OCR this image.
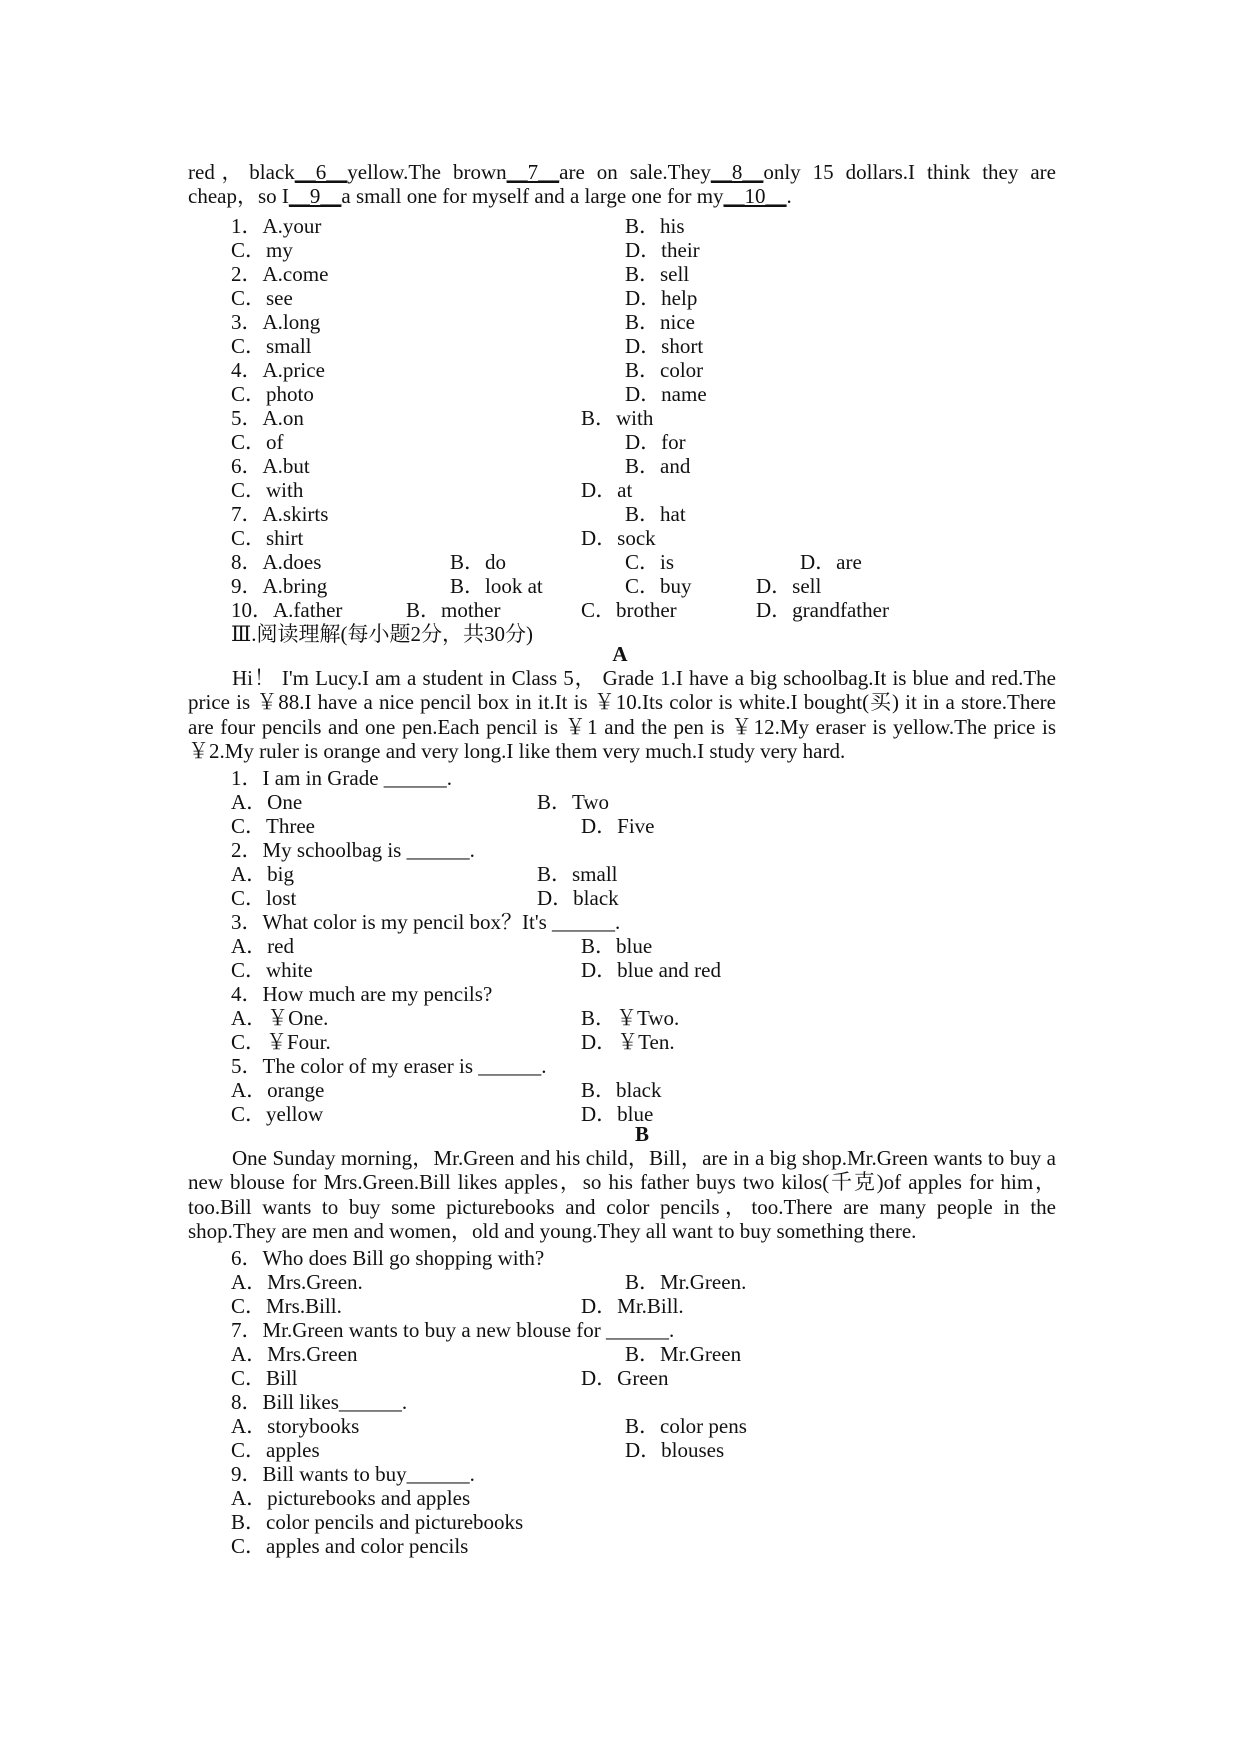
red，black__6__yellow.The brown__7__are on sale.They__8__only 15 dollars.I think they are
cheap，so I__9__a small one for myself and a large one for my__10__.
1．A.your	B．his
C．my	D．their
2．A.come	B．sell
C．see	D．help
3．A.long	B．nice
C．small	D．short
4．A.price	B．color
C．photo	D．name
5．A.on	B．with
C．of	D．for
6．A.but	B．and
C．with	D．at
7．A.skirts	B．hat
C．shirt	D．sock
8．A.does	B．do	C．is	D．are
9．A.bring	B．look at	C．buy	D．sell
10．A.father	B．mother	C．brother	D．grandfather
Ⅲ.阅读理解(每小题2分，共30分)
A
Hi！ I'm Lucy.I am a student in Class 5， Grade 1.I have a big schoolbag.It is blue and red.The price is ￥88.I have a nice pencil box in it.It is ￥10.Its color is white.I bought(买) it in a store.There are four pencils and one pen.Each pencil is ￥1 and the pen is ￥12.My eraser is yellow.The price is ￥2.My ruler is orange and very long.I like them very much.I study very hard.
1．I am in Grade ______.
A．One	B．Two
C．Three	D．Five
2．My schoolbag is ______.
A．big	B．small
C．lost	D．black
3．What color is my pencil box？It's ______.
A．red	B．blue
C．white	D．blue and red
4．How much are my pencils?
A．￥One.	B．￥Two.
C．￥Four.	D．￥Ten.
5．The color of my eraser is ______.
A．orange	B．black
C．yellow	D．blue
B
One Sunday morning，Mr.Green and his child，Bill，are in a big shop.Mr.Green wants to buy a new blouse for Mrs.Green.Bill likes apples，so his father buys two kilos(千克)of apples for him，too.Bill wants to buy some picturebooks and color pencils，too.There are many people in the shop.They are men and women，old and young.They all want to buy something there.
6．Who does Bill go shopping with?
A．Mrs.Green.	B．Mr.Green.
C．Mrs.Bill.	D．Mr.Bill.
7．Mr.Green wants to buy a new blouse for ______.
A．Mrs.Green	B．Mr.Green
C．Bill	D．Green
8．Bill likes______.
A．storybooks	B．color pens
C．apples	D．blouses
9．Bill wants to buy______.
A．picturebooks and apples
B．color pencils and picturebooks
C．apples and color pencils
